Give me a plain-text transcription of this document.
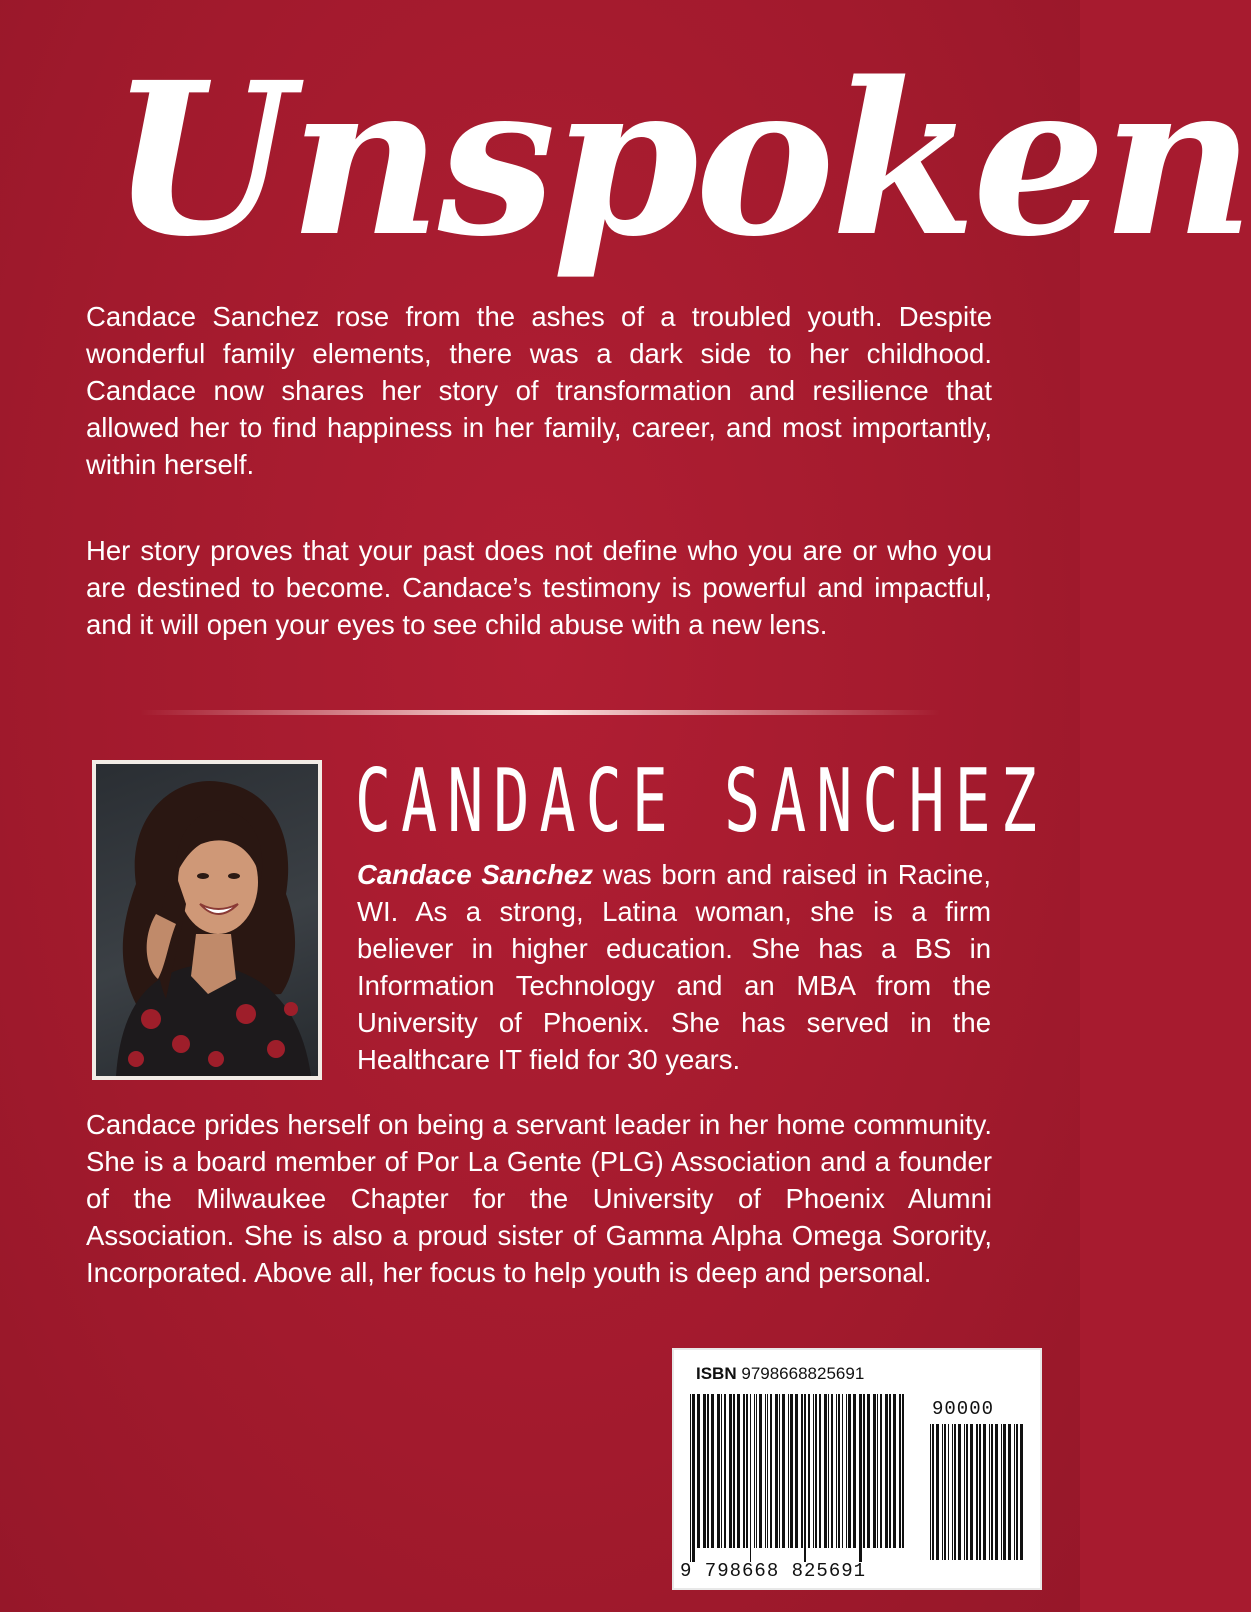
Unspoken

Candace Sanchez rose from the ashes of a troubled youth. Despite wonderful family elements, there was a dark side to her childhood. Candace now shares her story of transformation and resilience that allowed her to find happiness in her family, career, and most importantly, within herself.

Her story proves that your past does not define who you are or who you are destined to become. Candace’s testimony is powerful and impactful, and it will open your eyes to see child abuse with a new lens.

CANDACE SANCHEZ

Candace Sanchez was born and raised in Racine, WI. As a strong, Latina woman, she is a firm believer in higher education. She has a BS in Information Technology and an MBA from the University of Phoenix. She has served in the Healthcare IT field for 30 years.

Candace prides herself on being a servant leader in her home community. She is a board member of Por La Gente (PLG) Association and a founder of the Milwaukee Chapter for the University of Phoenix Alumni Association. She is also a proud sister of Gamma Alpha Omega Sorority, Incorporated. Above all, her focus to help youth is deep and personal.

ISBN 9798668825691
90000
9 798668 825691
